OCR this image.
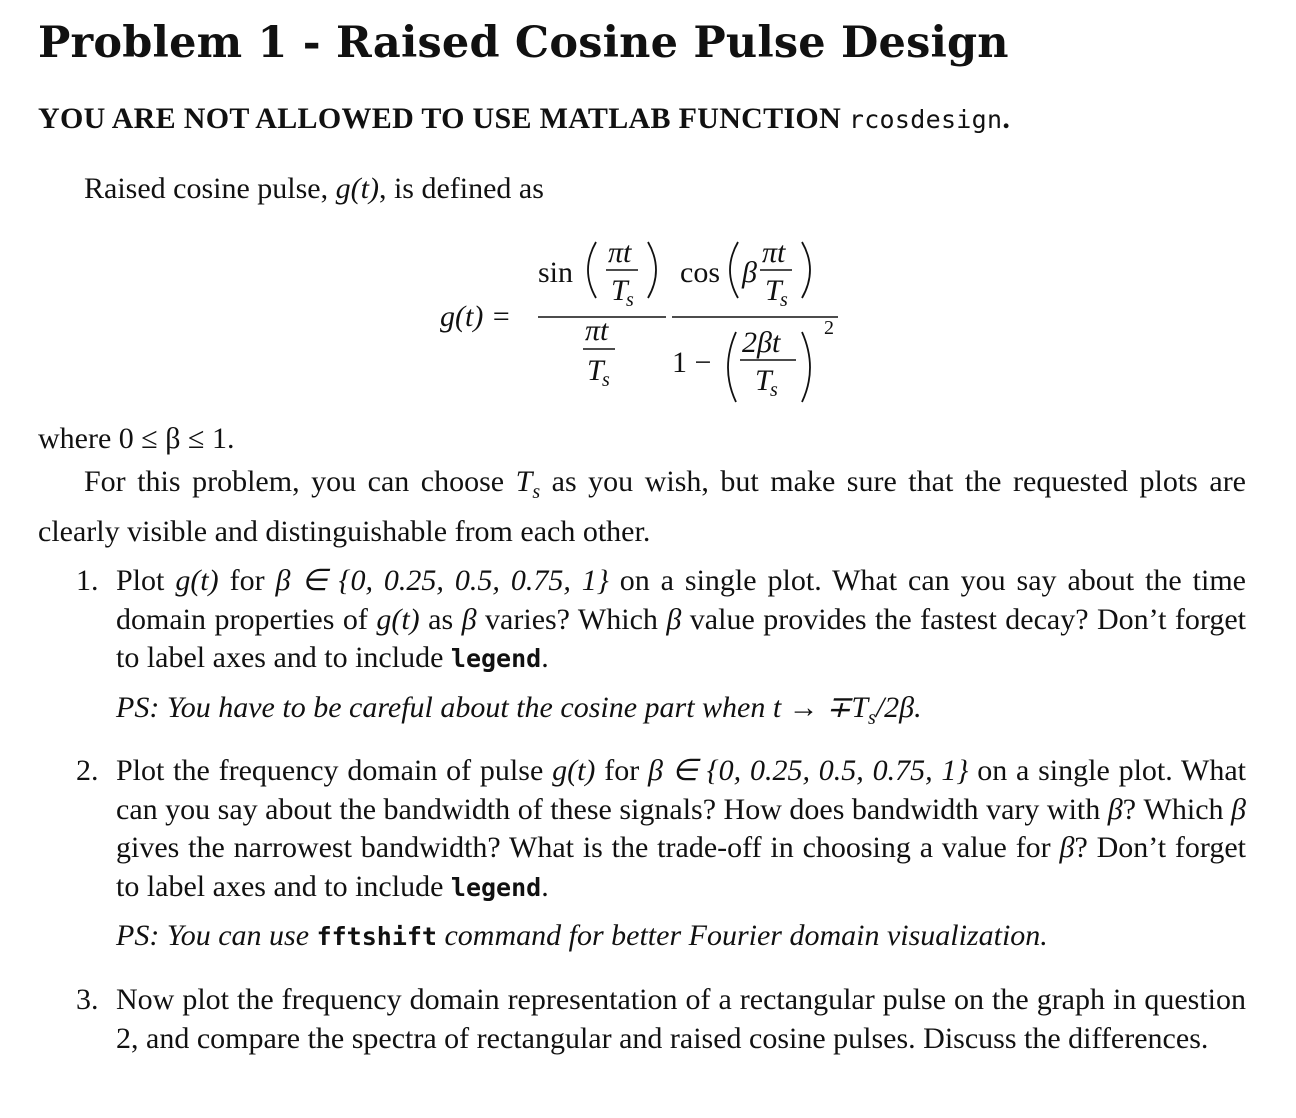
Problem 1 - Raised Cosine Pulse Design
YOU ARE NOT ALLOWED TO USE MATLAB FUNCTION rcosdesign.
Raised cosine pulse, g(t), is defined as
g(t) =
sin
πt
T
s
πt
T
s
cos β
πt
T
s
1 −
2βt
T
s
2
where 0 ≤ β ≤ 1.
For this problem, you can choose $T_s$ as you wish, but make sure that the requested plots are clearly visible and distinguishable from each other.
1. Plot g(t) for β ∈ {0, 0.25, 0.5, 0.75, 1} on a single plot. What can you say about the time domain properties of g(t) as β varies? Which β value provides the fastest decay? Don’t forget to label axes and to include legend.
PS: You have to be careful about the cosine part when $t \to \mp T_s/2\beta$.
2. Plot the frequency domain of pulse g(t) for β ∈ {0, 0.25, 0.5, 0.75, 1} on a single plot. What can you say about the bandwidth of these signals? How does bandwidth vary with β? Which β gives the narrowest bandwidth? What is the trade-off in choosing a value for β? Don’t forget to label axes and to include legend.
PS: You can use fftshift command for better Fourier domain visualization.
3. Now plot the frequency domain representation of a rectangular pulse on the graph in question 2, and compare the spectra of rectangular and raised cosine pulses. Discuss the differences.
